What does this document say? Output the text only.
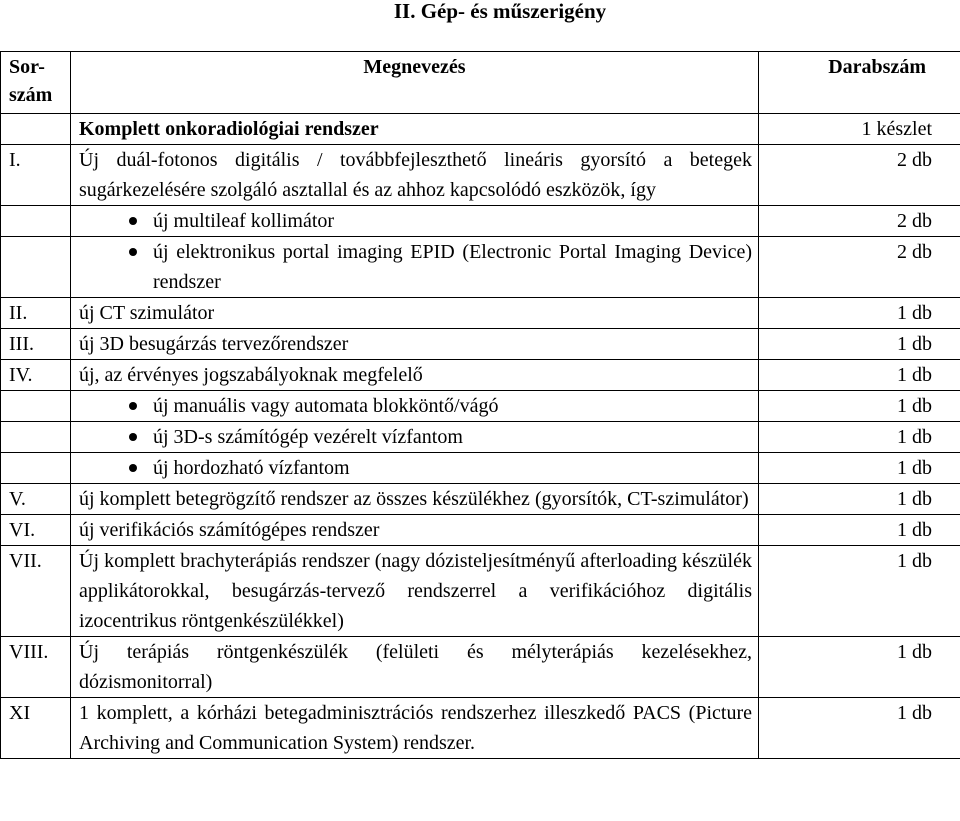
II. Gép- és műszerigény
Sor-szám	Megnevezés	Darabszám
	Komplett onkoradiológiai rendszer	1 készlet
I.	Új duál-fotonos digitális / továbbfejleszthető lineáris gyorsító a betegek sugárkezelésére szolgáló asztallal és az ahhoz kapcsolódó eszközök, így	2 db

	új multileaf kollimátor	2 db

	új elektronikus portal imaging EPID (Electronic Portal Imaging Device) rendszer	2 db
II.	új CT szimulátor	1 db
III.	új 3D besugárzás tervezőrendszer	1 db
IV.	új, az érvényes jogszabályoknak megfelelő	1 db

	új manuális vagy automata blokköntő/vágó	1 db

	új 3D-s számítógép vezérelt vízfantom	1 db

	új hordozható vízfantom	1 db
V.	új komplett betegrögzítő rendszer az összes készülékhez (gyorsítók, CT-szimulátor)	1 db
VI.	új verifikációs számítógépes rendszer	1 db
VII.	Új komplett brachyterápiás rendszer (nagy dózisteljesítményű afterloading készülék applikátorokkal, besugárzás-tervező rendszerrel a verifikációhoz digitális izocentrikus röntgenkészülékkel)	1 db
VIII.	Új terápiás röntgenkészülék (felületi és mélyterápiás kezelésekhez, dózismonitorral)	1 db
XI	1 komplett, a kórházi betegadminisztrációs rendszerhez illeszkedő PACS (Picture Archiving and Communication System) rendszer.	1 db
